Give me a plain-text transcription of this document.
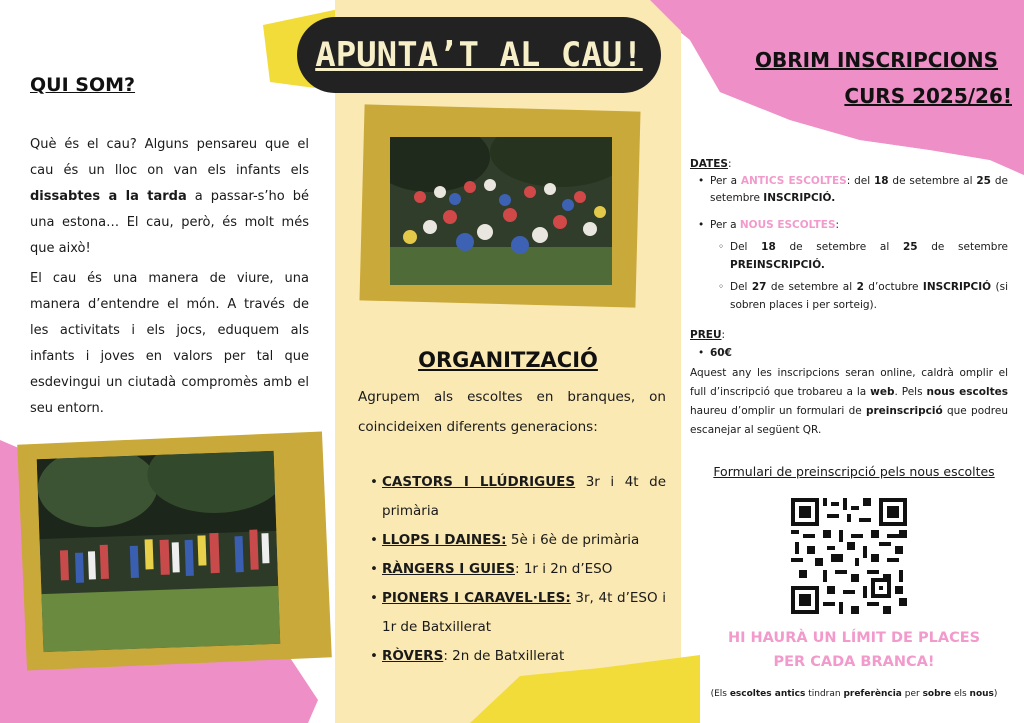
QUI SOM?
Què és el cau? Alguns pensareu que el cau és un lloc on van els infants els dissabtes a la tarda a passar-s’ho bé una estona… El cau, però, és molt més que això!
El cau és una manera de viure, una manera d’entendre el món. A través de les activitats i els jocs, eduquem als infants i joves en valors per tal que esdevingui un ciutadà compromès amb el seu entorn.
APUNTA’T AL CAU!
ORGANITZACIÓ
Agrupem als escoltes en branques, on coincideixen diferents generacions:
• CASTORS I LLÚDRIGUES 3r i 4t de primària
• LLOPS I DAINES: 5è i 6è de primària
• RÀNGERS I GUIES: 1r i 2n d’ESO
• PIONERS I CARAVEL·LES: 3r, 4t d’ESO i 1r de Batxillerat
• RÒVERS: 2n de Batxillerat
OBRIM INSCRIPCIONS
CURS 2025/26!
DATES:
• Per a ANTICS ESCOLTES: del 18 de setembre al 25 de setembre INSCRIPCIÓ.
• Per a NOUS ESCOLTES:
◦ Del 18 de setembre al 25 de setembre PREINSCRIPCIÓ.
◦ Del 27 de setembre al 2 d’octubre INSCRIPCIÓ (si sobren places i per sorteig).
PREU:
• 60€
Aquest any les inscripcions seran online, caldrà omplir el full d’inscripció que trobareu a la web. Pels nous escoltes haureu d’omplir un formulari de preinscripció que podreu escanejar al següent QR.
Formulari de preinscripció pels nous escoltes
HI HAURÀ UN LÍMIT DE PLACES
PER CADA BRANCA!
(Els escoltes antics tindran preferència per sobre els nous)
